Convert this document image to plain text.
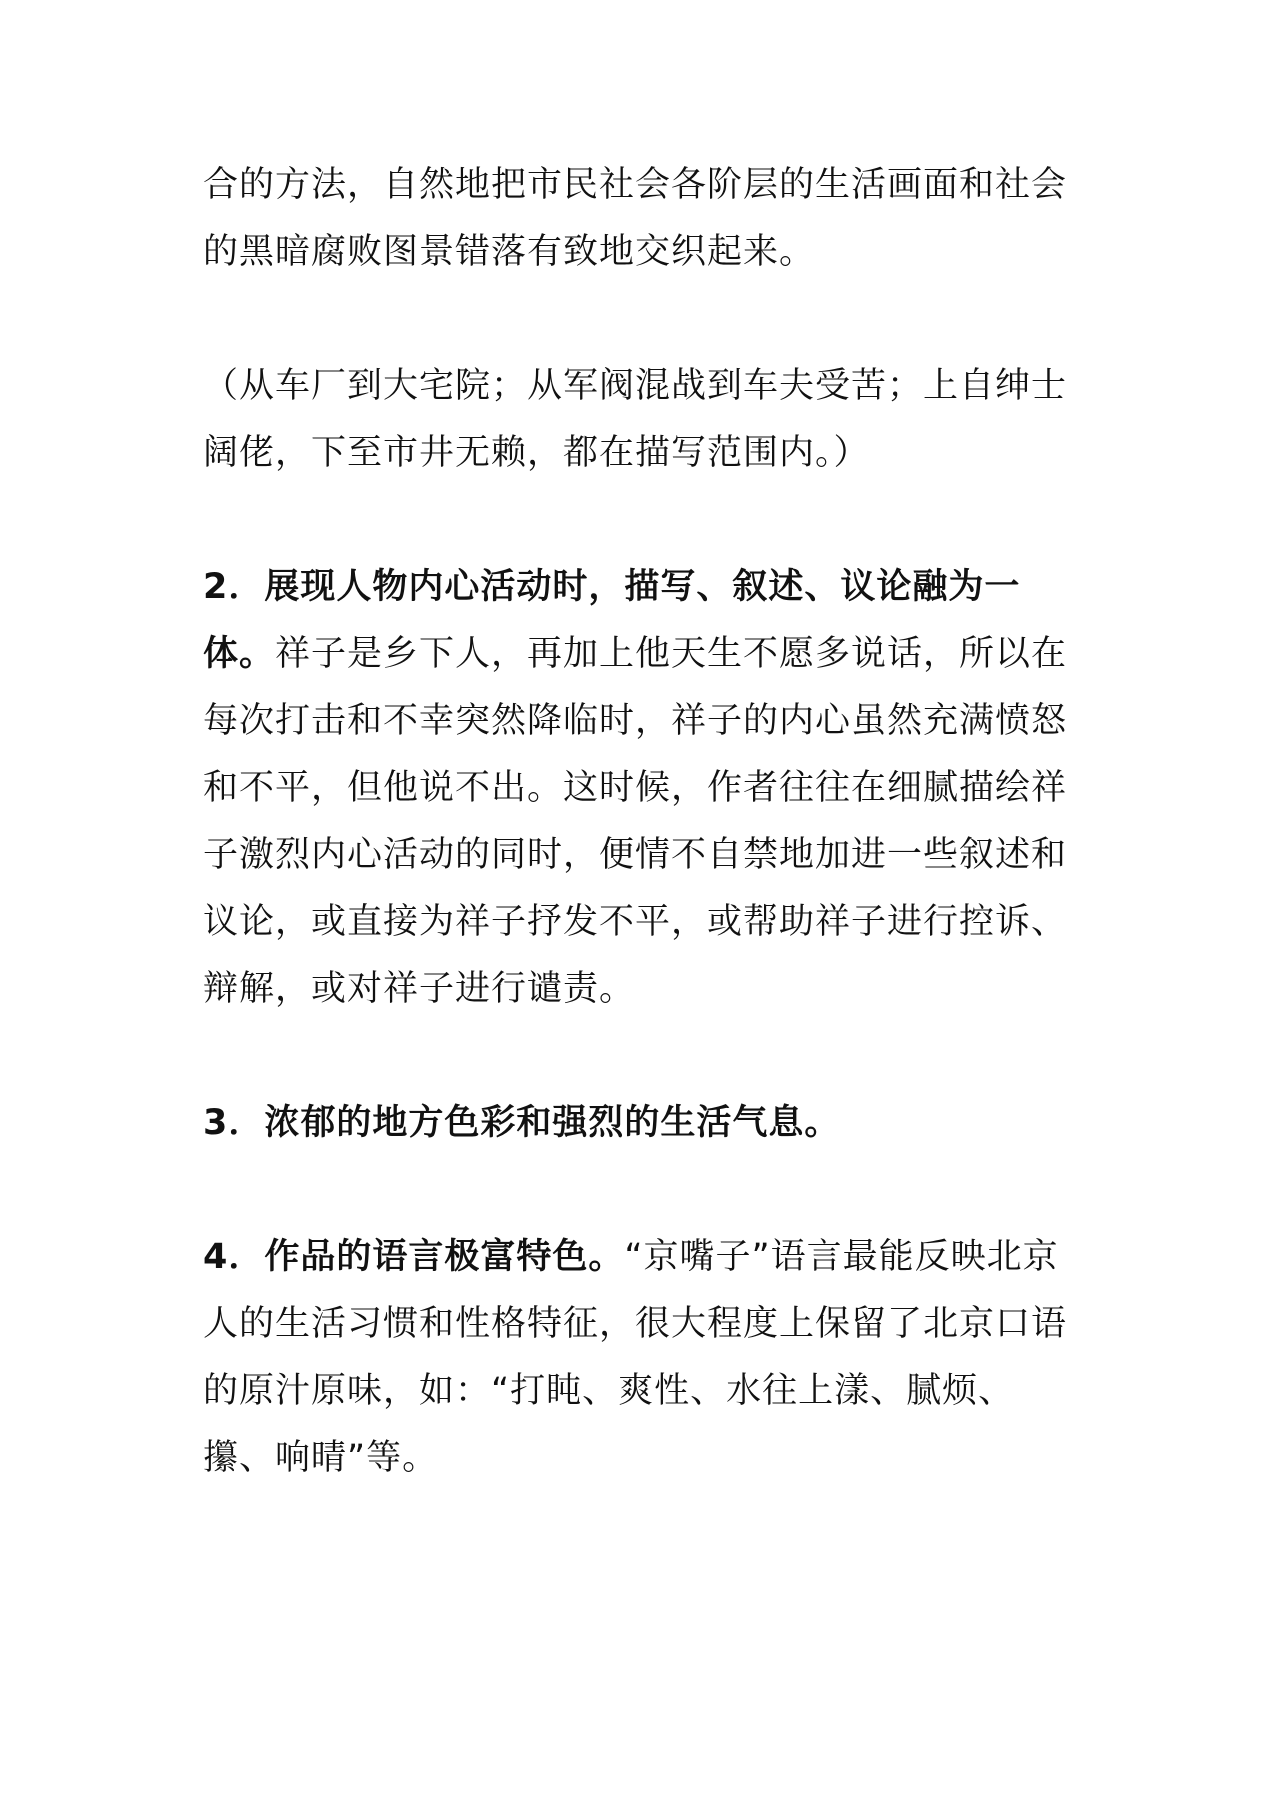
合的方法，自然地把市民社会各阶层的生活画面和社会的黑暗腐败图景错落有致地交织起来。

（从车厂到大宅院；从军阀混战到车夫受苦；上自绅士阔佬，下至市井无赖，都在描写范围内。）

2．展现人物内心活动时，描写、叙述、议论融为一体。祥子是乡下人，再加上他天生不愿多说话，所以在每次打击和不幸突然降临时，祥子的内心虽然充满愤怒和不平，但他说不出。这时候，作者往往在细腻描绘祥子激烈内心活动的同时，便情不自禁地加进一些叙述和议论，或直接为祥子抒发不平，或帮助祥子进行控诉、辩解，或对祥子进行谴责。

3．浓郁的地方色彩和强烈的生活气息。

4．作品的语言极富特色。“京嘴子”语言最能反映北京人的生活习惯和性格特征，很大程度上保留了北京口语的原汁原味，如：“打盹、爽性、水往上漾、腻烦、攥、响晴”等。
